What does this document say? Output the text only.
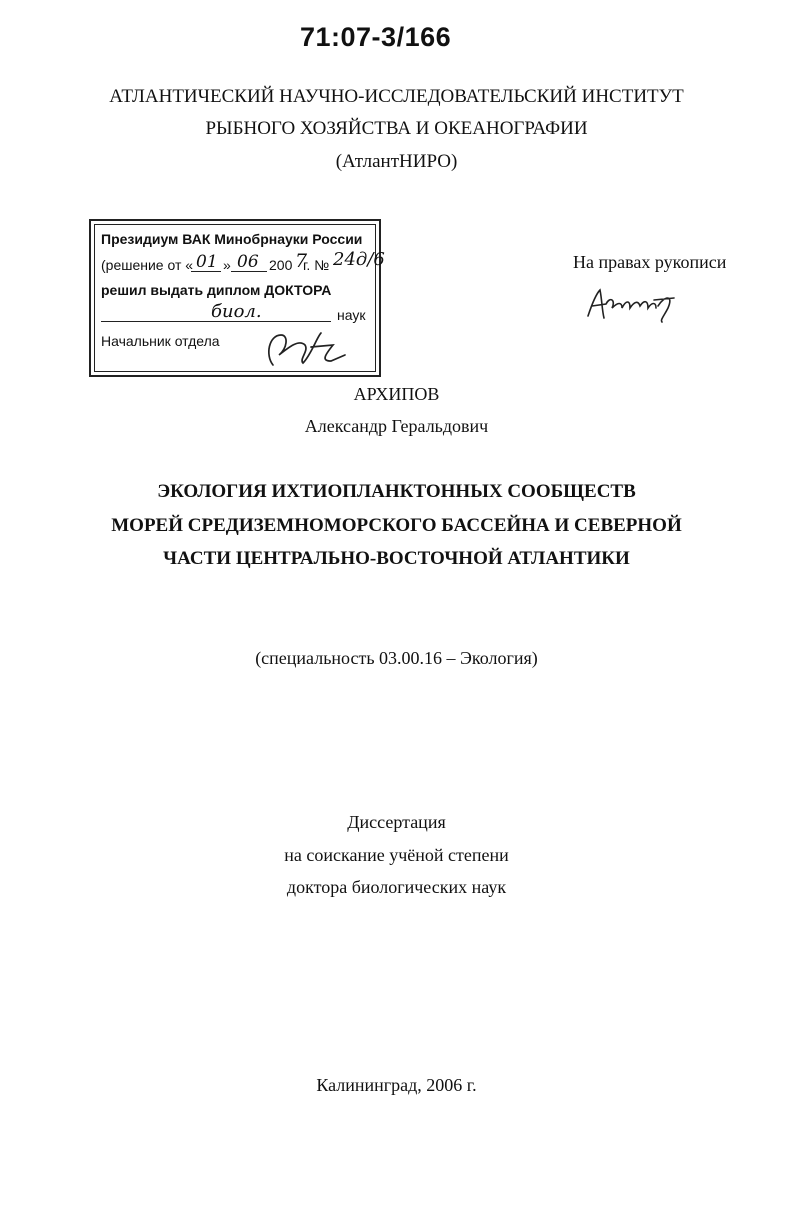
71:07-3/166
АТЛАНТИЧЕСКИЙ НАУЧНО-ИССЛЕДОВАТЕЛЬСКИЙ ИНСТИТУТ
РЫБНОГО ХОЗЯЙСТВА И ОКЕАНОГРАФИИ
(АтлантНИРО)
Президиум ВАК Минобрнауки России
(решение от « 01 » 06 200 7
г. № 24д/6
решил выдать диплом ДОКТОРА
биол.	наук
Начальник отдела
На правах рукописи
АРХИПОВ
Александр Геральдович
ЭКОЛОГИЯ ИХТИОПЛАНКТОННЫХ СООБЩЕСТВ
МОРЕЙ СРЕДИЗЕМНОМОРСКОГО БАССЕЙНА И СЕВЕРНОЙ
ЧАСТИ ЦЕНТРАЛЬНО-ВОСТОЧНОЙ АТЛАНТИКИ
(специальность 03.00.16 – Экология)
Диссертация
на соискание учёной степени
доктора биологических наук
Калининград, 2006 г.
